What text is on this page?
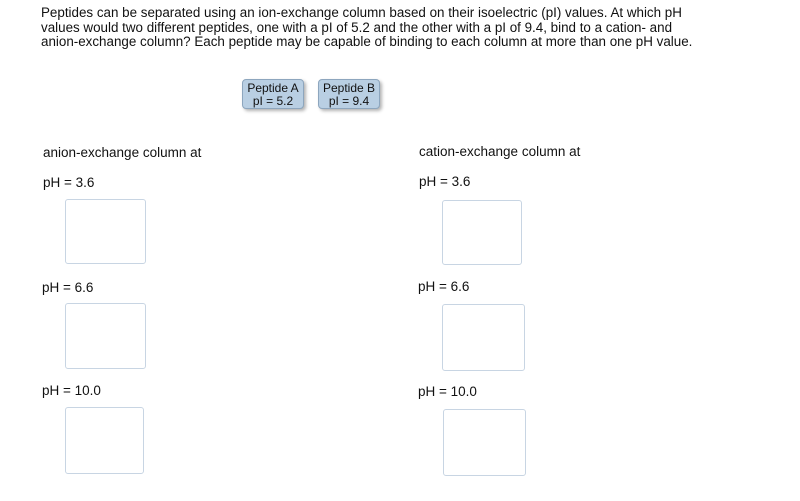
Peptides can be separated using an ion-exchange column based on their isoelectric (pI) values. At which pH
values would two different peptides, one with a pI of 5.2 and the other with a pI of 9.4, bind to a cation- and
anion-exchange column? Each peptide may be capable of binding to each column at more than one pH value.
Peptide A
pI = 5.2
Peptide B
pI = 9.4
anion-exchange column at
pH = 3.6
pH = 6.6
pH = 10.0
cation-exchange column at
pH = 3.6
pH = 6.6
pH = 10.0
